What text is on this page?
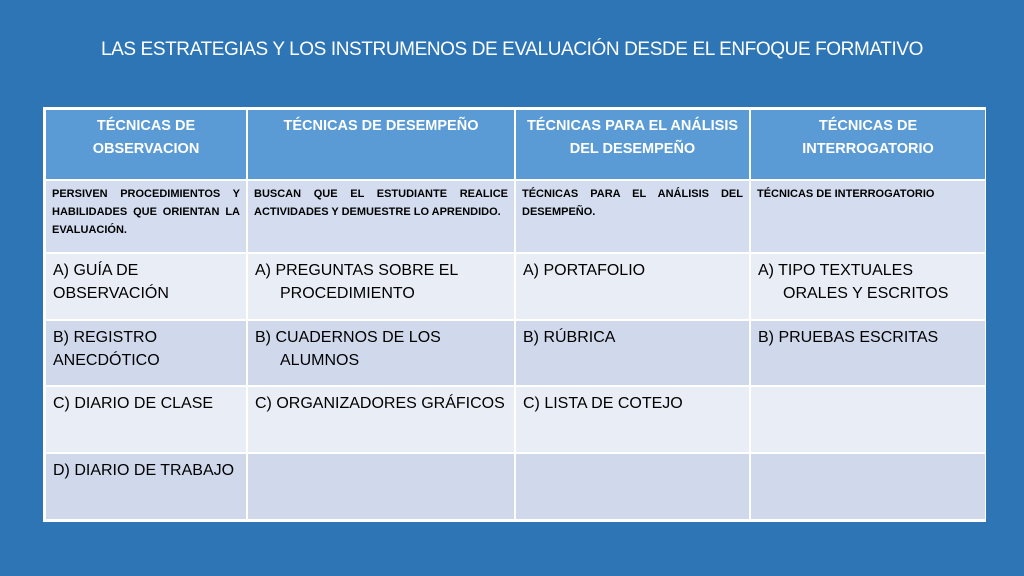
LAS ESTRATEGIAS Y LOS INSTRUMENOS DE EVALUACIÓN DESDE EL ENFOQUE FORMATIVO
TÉCNICAS DE OBSERVACION	TÉCNICAS DE DESEMPEÑO	TÉCNICAS PARA EL ANÁLISIS DEL DESEMPEÑO	TÉCNICAS DE INTERROGATORIO
PERSIVEN PROCEDIMIENTOS Y HABILIDADES QUE ORIENTAN LA EVALUACIÓN.	BUSCAN QUE EL ESTUDIANTE REALICE ACTIVIDADES Y DEMUESTRE LO APRENDIDO.	TÉCNICAS PARA EL ANÁLISIS DEL DESEMPEÑO.	TÉCNICAS DE INTERROGATORIO

A) GUÍA DE OBSERVACIÓN	A) PREGUNTAS SOBRE EL PROCEDIMIENTO	A) PORTAFOLIO	A) TIPO TEXTUALES ORALES Y ESCRITOS

B) REGISTRO ANECDÓTICO	B) CUADERNOS DE LOS ALUMNOS	B) RÚBRICA	B) PRUEBAS ESCRITAS

C) DIARIO DE CLASE	C) ORGANIZADORES GRÁFICOS	C) LISTA DE COTEJO	

D) DIARIO DE TRABAJO			
